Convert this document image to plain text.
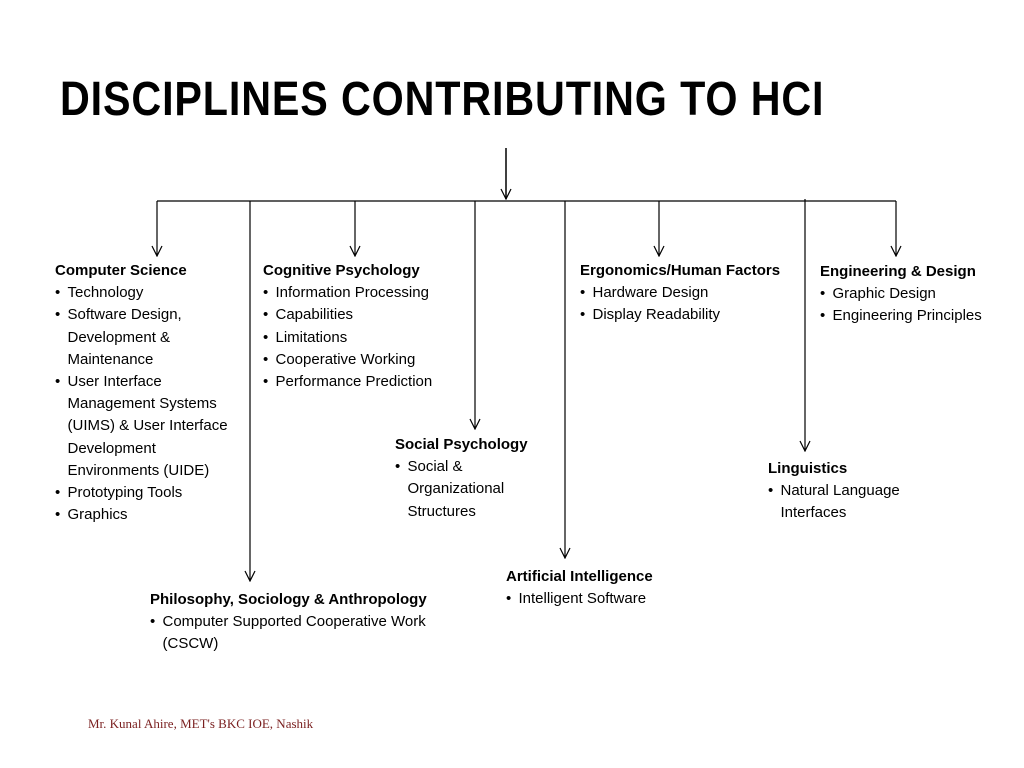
DISCIPLINES CONTRIBUTING TO HCI
Computer Science
• Technology
• Software Design, Development & Maintenance
• User Interface Management Systems (UIMS) & User Interface Development Environments (UIDE)
• Prototyping Tools
• Graphics
Cognitive Psychology
• Information Processing
• Capabilities
• Limitations
• Cooperative Working
• Performance Prediction
Ergonomics/Human Factors
• Hardware Design
• Display Readability
Engineering & Design
• Graphic Design
• Engineering Principles
Social Psychology
• Social & Organizational Structures
Linguistics
• Natural Language Interfaces
Artificial Intelligence
• Intelligent Software
Philosophy, Sociology & Anthropology
• Computer Supported Cooperative Work (CSCW)
Mr. Kunal Ahire, MET's BKC IOE, Nashik
